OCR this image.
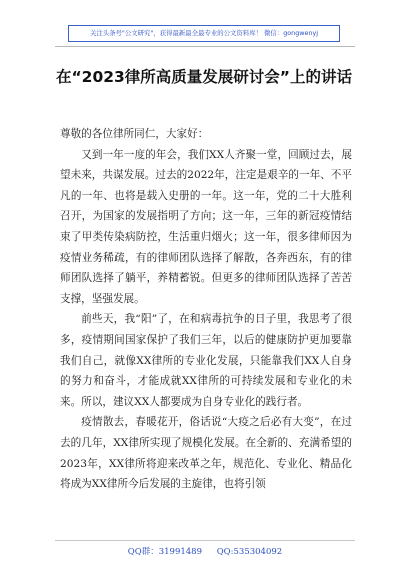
关注头条号"公文研究"，获得最新最全最专业的公文资料库！ 微信：gongwenyj
在“2023律所高质量发展研讨会”上的讲话

尊敬的各位律所同仁，大家好：

又到一年一度的年会，我们XX人齐聚一堂，回顾过去，展望未来，共谋发展。过去的2022年，注定是艰辛的一年、不平凡的一年、也将是载入史册的一年。这一年，党的二十大胜利召开，为国家的发展指明了方向；这一年，三年的新冠疫情结束了甲类传染病防控，生活重归烟火；这一年，很多律师因为疫情业务稀疏，有的律师团队选择了解散，各奔西东，有的律师团队选择了躺平，养精蓄锐。但更多的律师团队选择了苦苦支撑，坚强发展。

前些天，我“阳”了，在和病毒抗争的日子里，我思考了很多，疫情期间国家保护了我们三年，以后的健康防护更加要靠我们自己，就像XX律所的专业化发展，只能靠我们XX人自身的努力和奋斗，才能成就XX律所的可持续发展和专业化的未来。所以，建议XX人都要成为自身专业化的践行者。

疫情散去，春暖花开，俗话说“大疫之后必有大变”，在过去的几年，XX律所实现了规模化发展。在全新的、充满希望的2023年，XX律所将迎来改革之年，规范化、专业化、精品化将成为XX律所今后发展的主旋律，也将引领

QQ群：31991489 QQ:535304092
